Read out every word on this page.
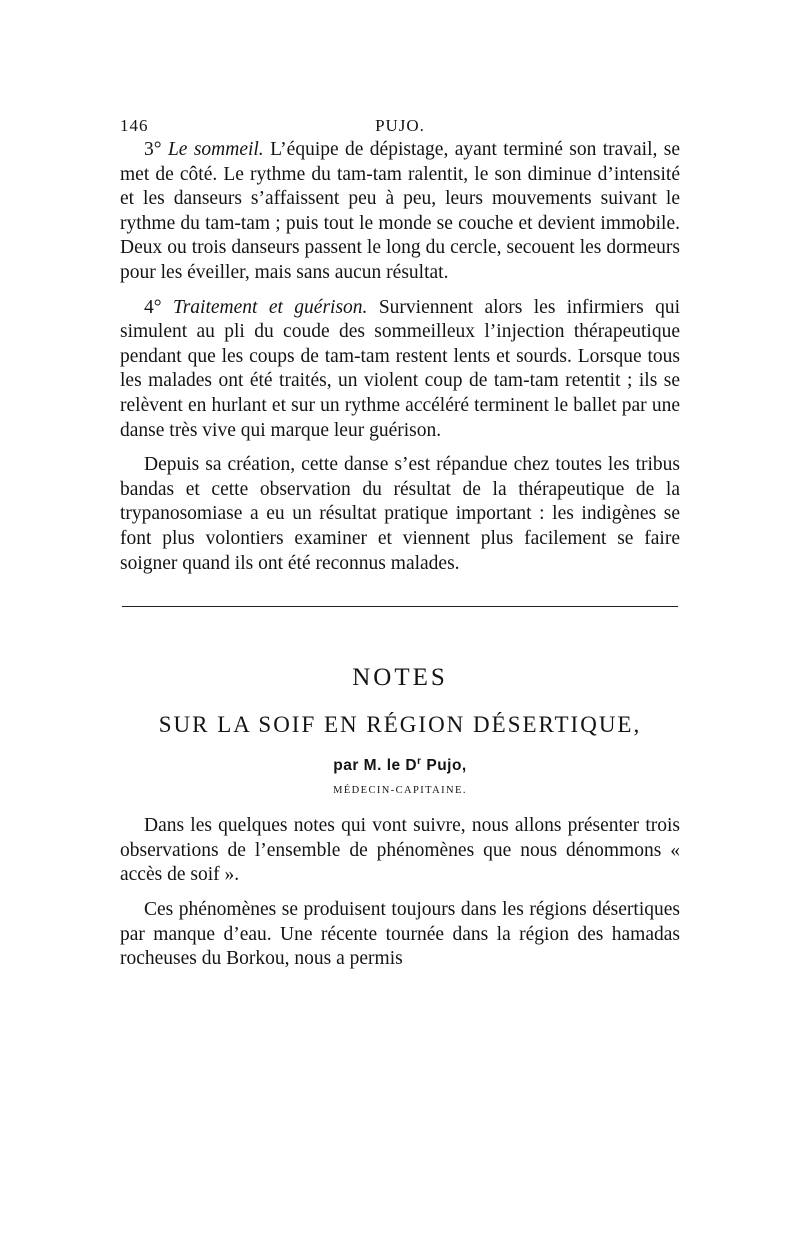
146	PUJO.

3° Le sommeil. L’équipe de dépistage, ayant terminé son travail, se met de côté. Le rythme du tam-tam ralentit, le son diminue d’intensité et les danseurs s’affaissent peu à peu, leurs mouvements suivant le rythme du tam-tam ; puis tout le monde se couche et devient immobile. Deux ou trois danseurs passent le long du cercle, secouent les dormeurs pour les éveiller, mais sans aucun résultat.

4° Traitement et guérison. Surviennent alors les infirmiers qui simulent au pli du coude des sommeilleux l’injection thérapeutique pendant que les coups de tam-tam restent lents et sourds. Lorsque tous les malades ont été traités, un violent coup de tam-tam retentit ; ils se relèvent en hurlant et sur un rythme accéléré terminent le ballet par une danse très vive qui marque leur guérison.

Depuis sa création, cette danse s’est répandue chez toutes les tribus bandas et cette observation du résultat de la thérapeutique de la trypanosomiase a eu un résultat pratique important : les indigènes se font plus volontiers examiner et viennent plus facilement se faire soigner quand ils ont été reconnus malades.

NOTES
SUR LA SOIF EN RÉGION DÉSERTIQUE,
par M. le $D^r$ Pujo,
MÉDECIN-CAPITAINE.

Dans les quelques notes qui vont suivre, nous allons présenter trois observations de l’ensemble de phénomènes que nous dénommons « accès de soif ».

Ces phénomènes se produisent toujours dans les régions désertiques par manque d’eau. Une récente tournée dans la région des hamadas rocheuses du Borkou, nous a permis
